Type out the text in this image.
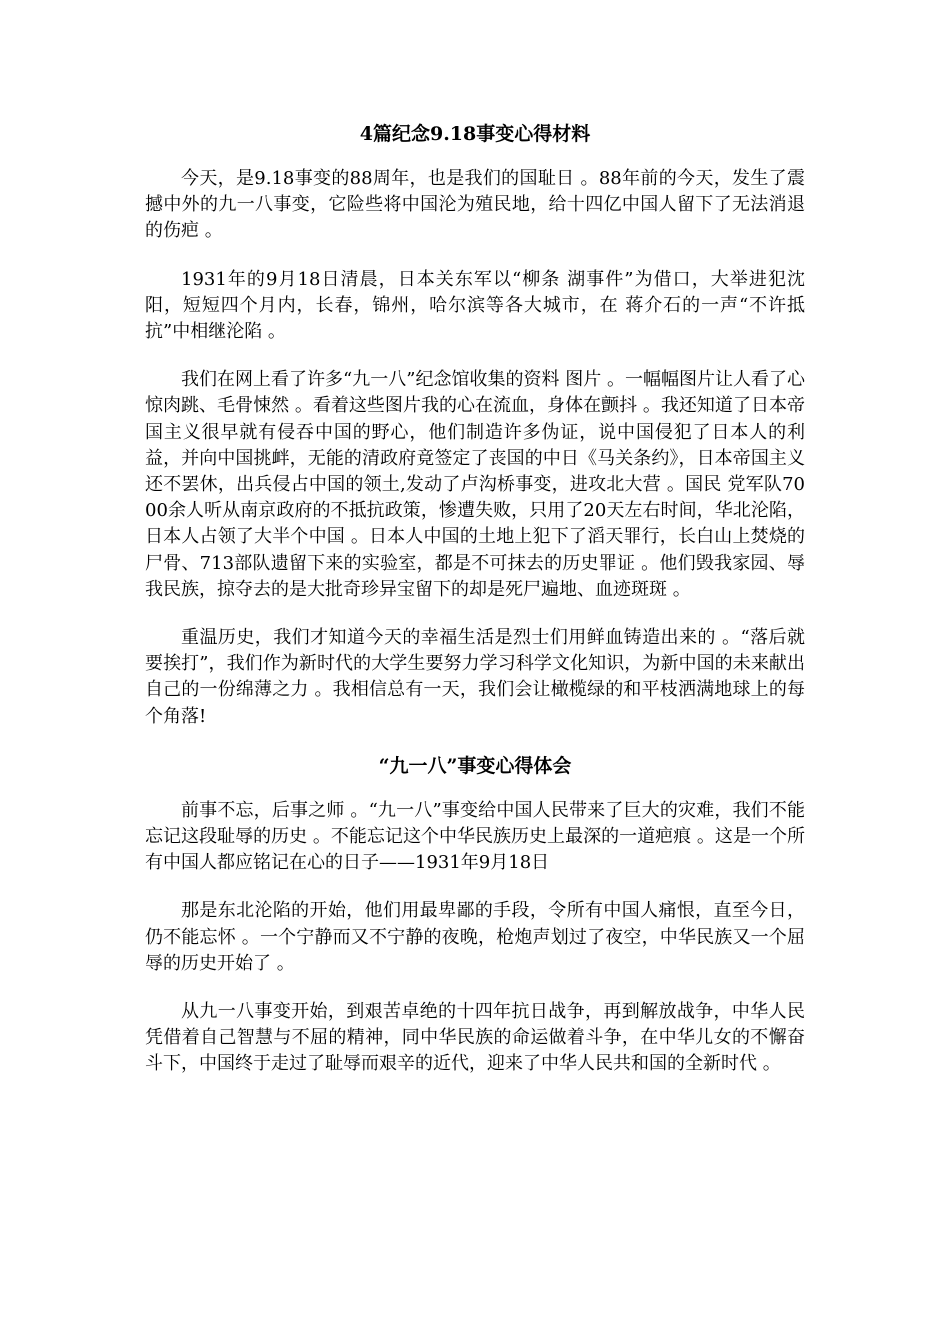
4篇纪念9.18事变心得材料

今天，是9.18事变的88周年，也是我们的国耻日 。88年前的今天，发生了震撼中外的九一八事变，它险些将中国沦为殖民地，给十四亿中国人留下了无法消退的伤疤 。

1931年的9月18日清晨，日本关东军以“柳条 湖事件”为借口，大举进犯沈阳，短短四个月内，长春，锦州，哈尔滨等各大城市，在 蒋介石的一声“不许抵抗”中相继沦陷 。

我们在网上看了许多“九一八”纪念馆收集的资料 图片 。一幅幅图片让人看了心惊肉跳、毛骨悚然 。看着这些图片我的心在流血，身体在颤抖 。我还知道了日本帝国主义很早就有侵吞中国的野心，他们制造许多伪证，说中国侵犯了日本人的利益，并向中国挑衅，无能的清政府竟签定了丧国的中日《马关条约》，日本帝国主义还不罢休，出兵侵占中国的领土,发动了卢沟桥事变，进攻北大营 。国民 党军队7000余人听从南京政府的不抵抗政策，惨遭失败，只用了20天左右时间，华北沦陷，日本人占领了大半个中国 。日本人中国的土地上犯下了滔天罪行，长白山上焚烧的尸骨、713部队遗留下来的实验室，都是不可抹去的历史罪证 。他们毁我家园、辱我民族，掠夺去的是大批奇珍异宝留下的却是死尸遍地、血迹斑斑 。

重温历史，我们才知道今天的幸福生活是烈士们用鲜血铸造出来的 。“落后就要挨打”，我们作为新时代的大学生要努力学习科学文化知识，为新中国的未来献出自己的一份绵薄之力 。我相信总有一天，我们会让橄榄绿的和平枝洒满地球上的每个角落!

“九一八”事变心得体会

前事不忘，后事之师 。“九一八”事变给中国人民带来了巨大的灾难，我们不能忘记这段耻辱的历史 。不能忘记这个中华民族历史上最深的一道疤痕 。这是一个所有中国人都应铭记在心的日子——1931年9月18日

那是东北沦陷的开始，他们用最卑鄙的手段，令所有中国人痛恨，直至今日，仍不能忘怀 。一个宁静而又不宁静的夜晚，枪炮声划过了夜空，中华民族又一个屈辱的历史开始了 。

从九一八事变开始，到艰苦卓绝的十四年抗日战争，再到解放战争，中华人民凭借着自己智慧与不屈的精神，同中华民族的命运做着斗争，在中华儿女的不懈奋斗下，中国终于走过了耻辱而艰辛的近代，迎来了中华人民共和国的全新时代 。
